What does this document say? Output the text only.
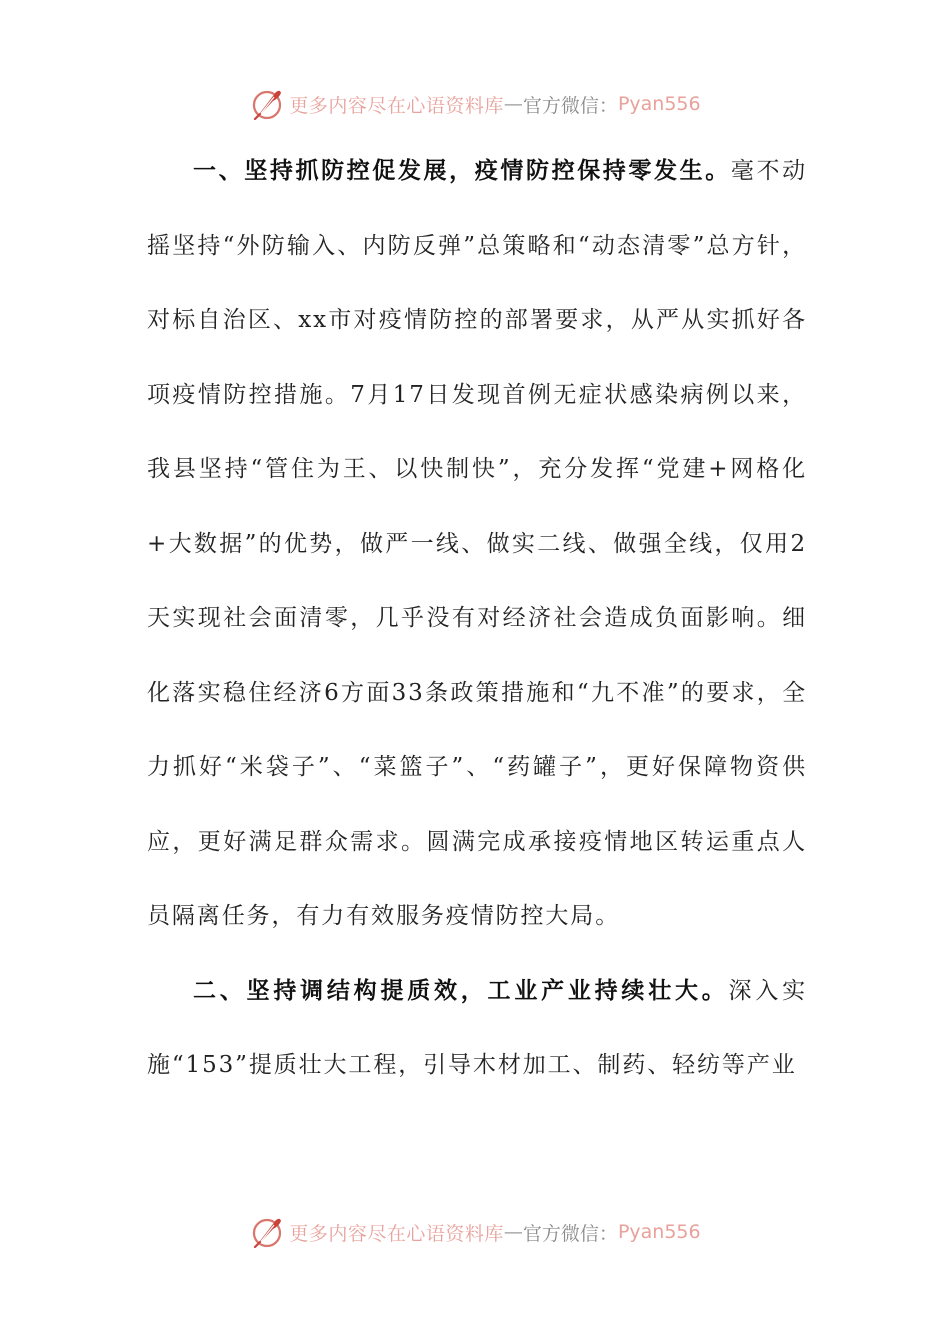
更多内容尽在心语资料库 — 官方微信： Pyan556

一、坚持抓防控促发展，疫情防控保持零发生。毫不动摇坚持“外防输入、内防反弹”总策略和“动态清零”总方针，对标自治区、xx市对疫情防控的部署要求，从严从实抓好各项疫情防控措施。7月17日发现首例无症状感染病例以来，我县坚持“管住为王、以快制快”，充分发挥“党建+网格化+大数据”的优势，做严一线、做实二线、做强全线，仅用2天实现社会面清零，几乎没有对经济社会造成负面影响。细化落实稳住经济6方面33条政策措施和“九不准”的要求，全力抓好“米袋子”、“菜篮子”、“药罐子”，更好保障物资供应，更好满足群众需求。圆满完成承接疫情地区转运重点人员隔离任务，有力有效服务疫情防控大局。

二、坚持调结构提质效，工业产业持续壮大。深入实施“153”提质壮大工程，引导木材加工、制药、轻纺等产业

更多内容尽在心语资料库 — 官方微信： Pyan556
